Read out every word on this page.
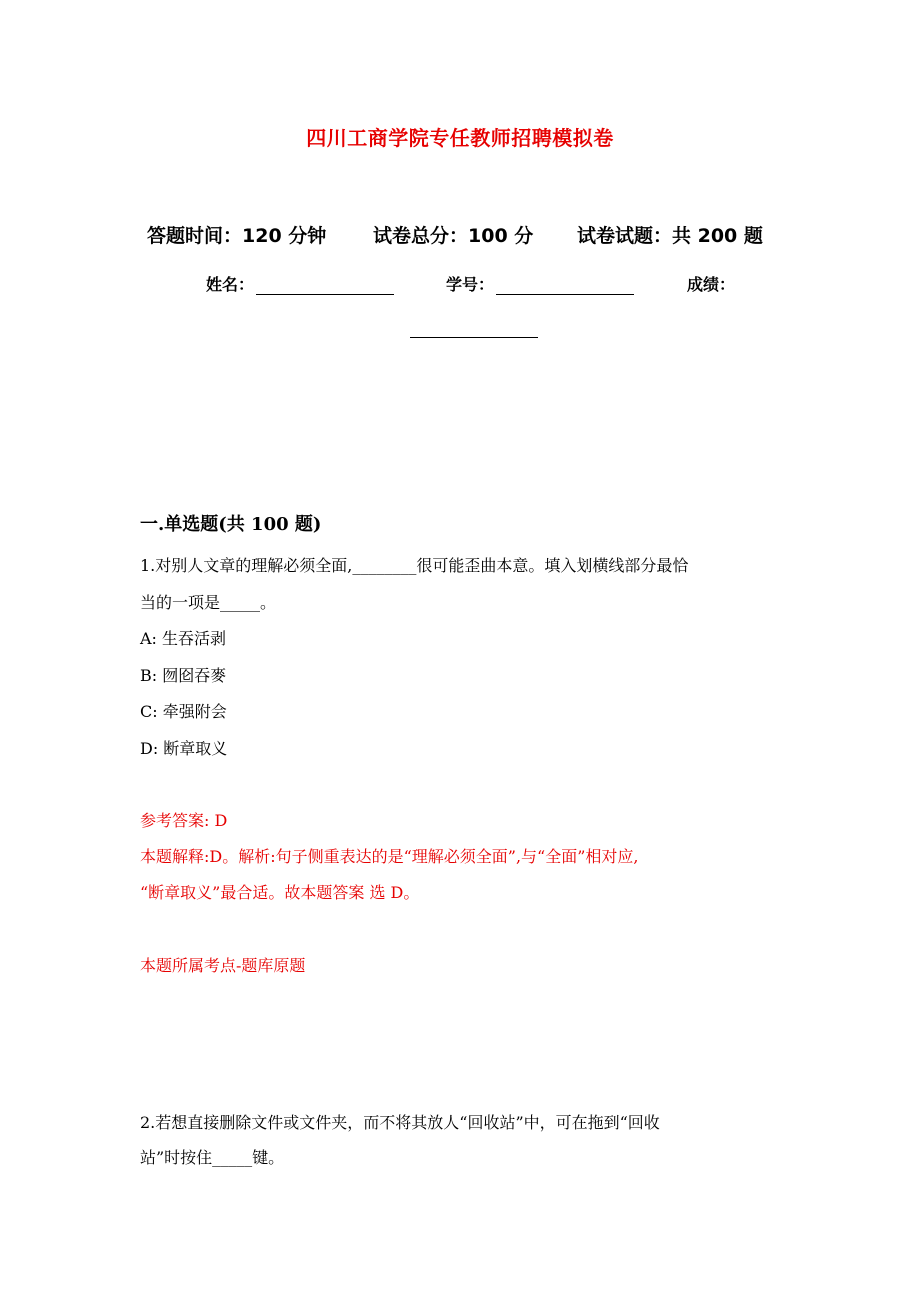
四川工商学院专任教师招聘模拟卷
答题时间：120 分钟 试卷总分：100 分 试卷试题：共 200 题
姓名：	学号：	成绩：
一.单选题(共 100 题)
1.对别人文章的理解必须全面,________很可能歪曲本意。填入划横线部分最恰
当的一项是_____。
A: 生吞活剥
B: 囫囵吞麥
C: 牵强附会
D: 断章取义
参考答案: D
本题解释:D。解析:句子侧重表达的是“理解必须全面”,与“全面”相对应,
“断章取义”最合适。故本题答案 选 D。
本题所属考点-题库原题
2.若想直接删除文件或文件夹，而不将其放人“回收站”中，可在拖到“回收
站”时按住_____键。
